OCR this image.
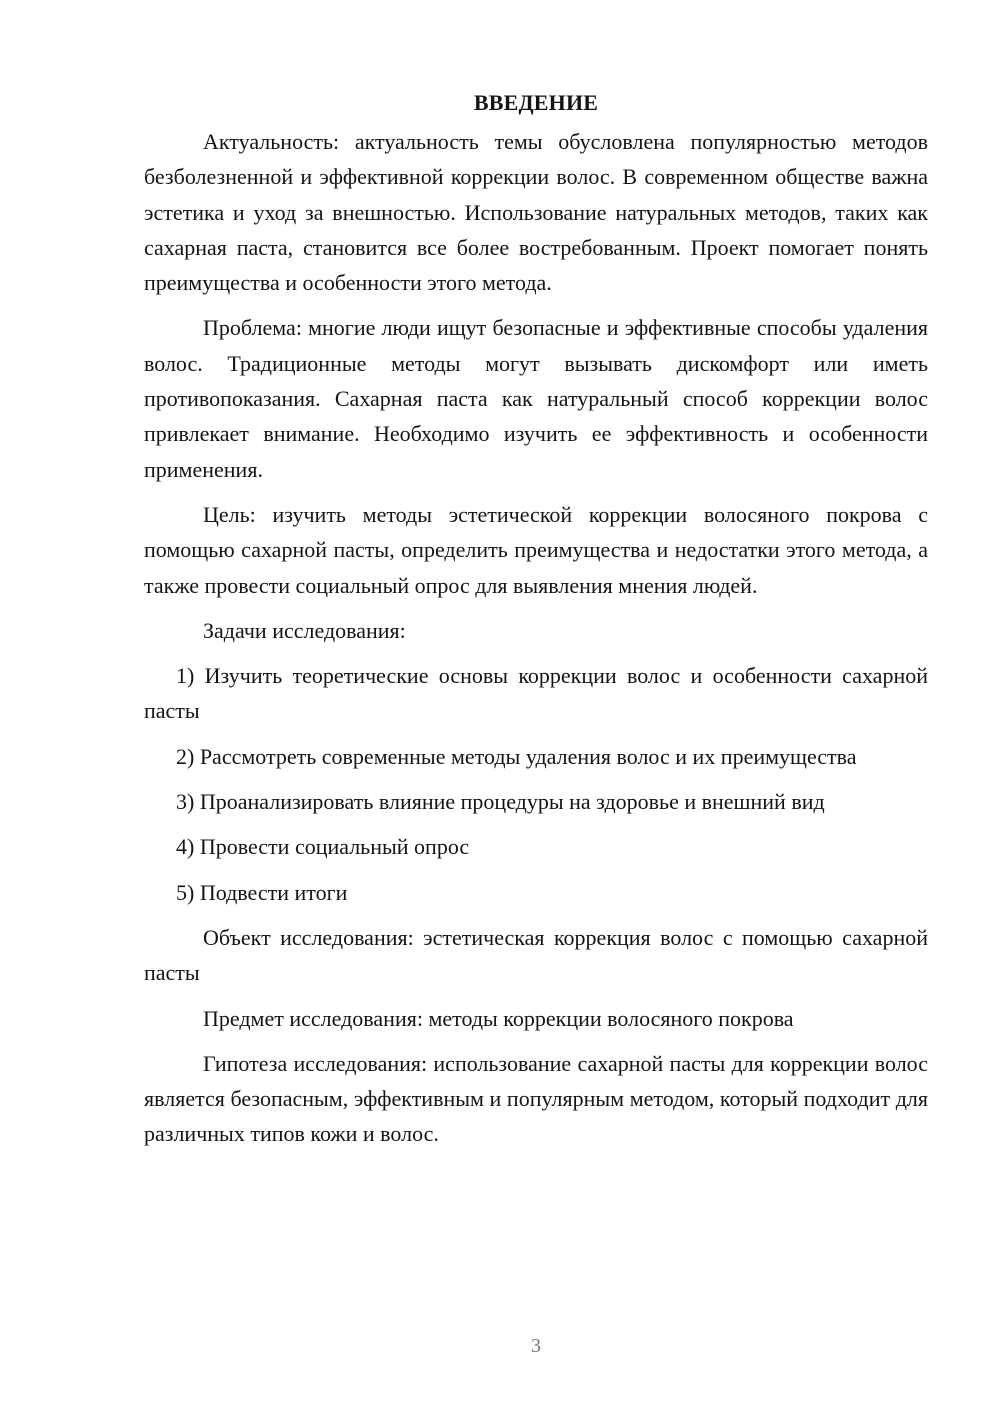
ВВЕДЕНИЕ

Актуальность: актуальность темы обусловлена популярностью методов безболезненной и эффективной коррекции волос. В современном обществе важна эстетика и уход за внешностью. Использование натуральных методов, таких как сахарная паста, становится все более востребованным. Проект помогает понять преимущества и особенности этого метода.

Проблема: многие люди ищут безопасные и эффективные способы удаления волос. Традиционные методы могут вызывать дискомфорт или иметь противопоказания. Сахарная паста как натуральный способ коррекции волос привлекает внимание. Необходимо изучить ее эффективность и особенности применения.

Цель: изучить методы эстетической коррекции волосяного покрова с помощью сахарной пасты, определить преимущества и недостатки этого метода, а также провести социальный опрос для выявления мнения людей.

Задачи исследования:

1) Изучить теоретические основы коррекции волос и особенности сахарной пасты

2) Рассмотреть современные методы удаления волос и их преимущества

3) Проанализировать влияние процедуры на здоровье и внешний вид

4) Провести социальный опрос

5) Подвести итоги

Объект исследования: эстетическая коррекция волос с помощью сахарной пасты

Предмет исследования: методы коррекции волосяного покрова

Гипотеза исследования: использование сахарной пасты для коррекции волос является безопасным, эффективным и популярным методом, который подходит для различных типов кожи и волос.

3
